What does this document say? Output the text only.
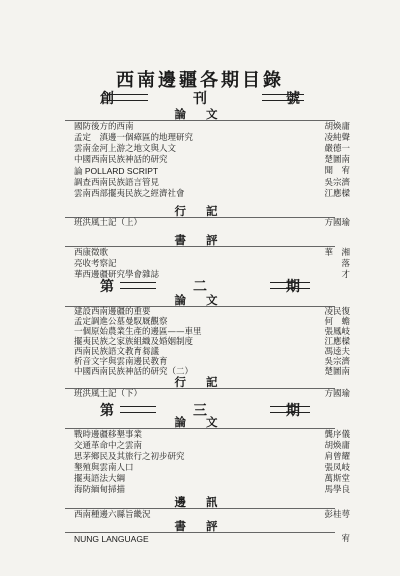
西南邊疆各期目錄
創	刊	號
論 文
國防後方的西南	胡煥庸
孟定　滇邊一個瘴區的地理研究	凌純聲
雲南金河上游之地文與人文	嚴德一
中國西南民族神話的研究	楚圖南
論 POLLARD SCRIPT	聞　宥
調查西南民族語言管見	吳宗濟
雲南西部擺夷民族之經濟社會	江應樑
行 記
班洪風土記（上）	方國瑜
書 評
西康徵歌	華　湘
亮收考察記	落
華西邊疆研究學會雜誌	才
第	二	期
論 文
建設西南邊疆的重要	凌民復
孟定調進公墓曼馭厩觀察	何　蟾
一個原始農業生產的邊區——車里	張鳳岐
擺夷民族之家族組織及婚姻制度	江應樑
西南民族語文教育芻議	馮逵夫
析音文字與雲南邊民教育	吳宗濟
中國西南民族神話的研究（二）	楚圖南
行 記
班洪風土記（下）	方國瑜
第	三	期
論 文
戰時邊疆移墾事業	龔序儀
交通革命中之雲南	胡煥庸
思茅鄉民及其旅行之初步研究	肩曾耀
墾殖與雲南人口	張凤岐
擺夷語法大綱	萬斯堂
海防緬甸掃描	馬學良
邊 訊
西南種邊六縣旨畿況	彭桂萼
書 評
NUNG LANGUAGE	宥
